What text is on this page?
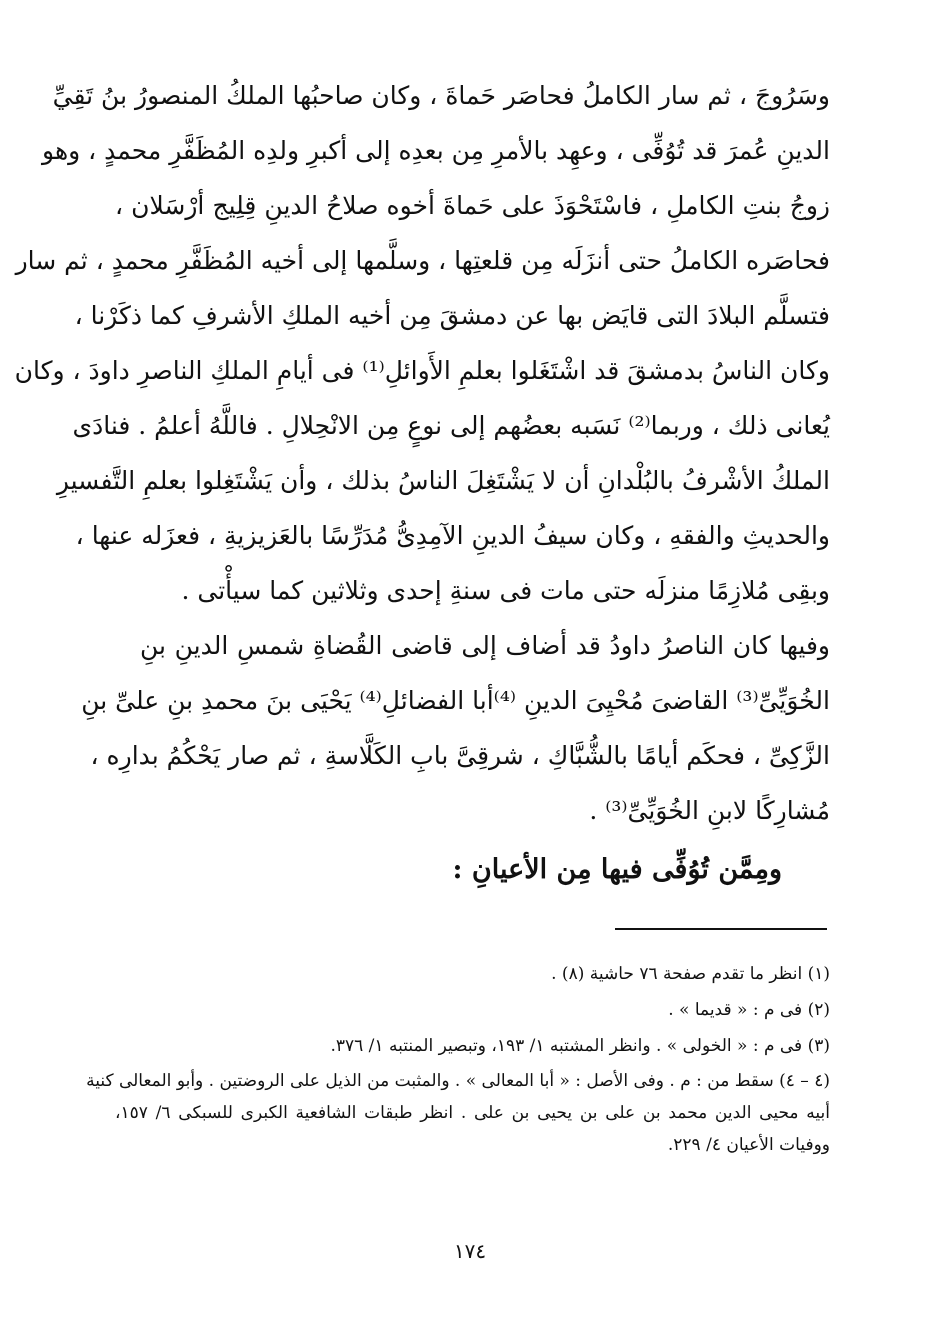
وسَرُوجَ ، ثم سار الكاملُ فحاصَر حَماةَ ، وكان صاحبُها الملكُ المنصورُ بنُ تَقِيِّ
الدينِ عُمرَ قد تُوُفِّى ، وعهِد بالأمرِ مِن بعدِه إلى أكبرِ ولدِه المُظَفَّرِ محمدٍ ، وهو
زوجُ بنتِ الكاملِ ، فاسْتَحْوَذَ على حَماةَ أخوه صلاحُ الدينِ قِلِيج أرْسَلان ،
فحاصَره الكاملُ حتى أنزَلَه مِن قلعتِها ، وسلَّمها إلى أخيه المُظَفَّرِ محمدٍ ، ثم سار
فتسلَّم البلادَ التى قايَض بها عن دمشقَ مِن أخيه الملكِ الأشرفِ كما ذكَرْنا ،
وكان الناسُ بدمشقَ قد اشْتَغَلوا بعلمِ الأَوائلِ⁽¹⁾ فى أيامِ الملكِ الناصرِ داودَ ، وكان
يُعانى ذلك ، وربما⁽²⁾ نَسَبه بعضُهم إلى نوعٍ مِن الانْحِلالِ . فاللَّهُ أعلمُ . فنادَى
الملكُ الأشْرفُ بالبُلْدانِ أن لا يَشْتَغِلَ الناسُ بذلك ، وأن يَشْتَغِلوا بعلمِ التَّفسيرِ
والحديثِ والفقهِ ، وكان سيفُ الدينِ الآمِدِىُّ مُدَرِّسًا بالعَزيزيةِ ، فعزَله عنها ،
وبقِى مُلازِمًا منزلَه حتى مات فى سنةِ إحدى وثلاثين كما سيأْتى .
وفيها كان الناصرُ داودُ قد أضاف إلى قاضى القُضاةِ شمسِ الدينِ بنِ
الخُوَيِّىِّ⁽³⁾ القاضىَ مُحْيِىَ الدينِ ⁽⁴⁾أبا الفضائلِ⁽⁴⁾ يَحْيَى بنَ محمدِ بنِ علىِّ بنِ
الزَّكِىِّ ، فحكَم أيامًا بالشُّبَّاكِ ، شرقِىَّ بابِ الكَلَّاسةِ ، ثم صار يَحْكُمُ بدارِه ،
مُشارِكًا لابنِ الخُوَيِّىِّ⁽³⁾ .
ومِمَّن تُوُفِّى فيها مِن الأعيانِ :
(١) انظر ما تقدم صفحة ٧٦ حاشية (٨) .
(٢) فى م : « قديما » .
(٣) فى م : « الخولى » . وانظر المشتبه ١/ ١٩٣، وتبصير المنتبه ١/ ٣٧٦.
(٤ – ٤) سقط من : م . وفى الأصل : « أبا المعالى » . والمثبت من الذيل على الروضتين . وأبو المعالى كنية
أبيه محيى الدين محمد بن على بن يحيى بن على . انظر طبقات الشافعية الكبرى للسبكى ٦/ ١٥٧،
ووفيات الأعيان ٤/ ٢٢٩.
١٧٤
